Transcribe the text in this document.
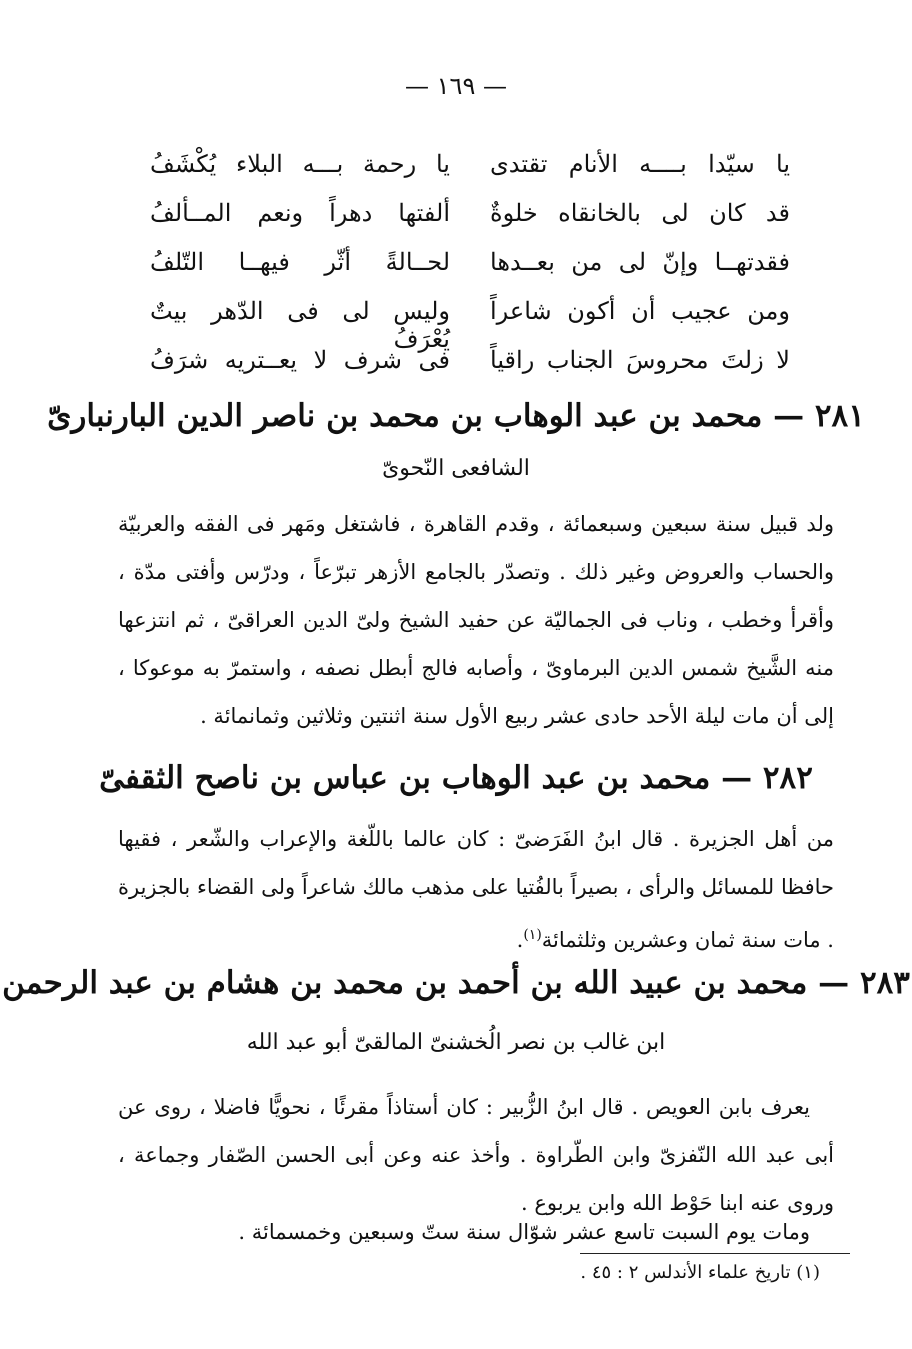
— ١٦٩ —
يا سيّدا بــــه الأنام تقتدى
يا رحمة بـــه البلاء يُكْشَفُ
قد كان لى بالخانقاه خلوةٌ
ألفتها دهراً ونعم المــألفُ
فقدتهــا وإنّ لى من بعــدها
لحــالةً أثّر فيهــا التّلفُ
ومن عجيب أن أكون شاعراً
وليس لى فى الدّهر بيتٌ يُعْرَفُ
لا زلتَ محروسَ الجناب راقياً
فى شرف لا يعــتريه شرَفُ
٢٨١ — محمد بن عبد الوهاب بن محمد بن ناصر الدين البارنبارىّ
الشافعى النّحوىّ
ولد قبيل سنة سبعين وسبعمائة ، وقدم القاهرة ، فاشتغل ومَهر فى الفقه والعربيّة والحساب والعروض وغير ذلك . وتصدّر بالجامع الأزهر تبرّعاً ، ودرّس وأفتى مدّة ، وأقرأ وخطب ، وناب فى الجماليّة عن حفيد الشيخ ولىّ الدين العراقىّ ، ثم انتزعها منه الشَّيخ شمس الدين البرماوىّ ، وأصابه فالج أبطل نصفه ، واستمرّ به موعوكا ، إلى أن مات ليلة الأحد حادى عشر ربيع الأول سنة اثنتين وثلاثين وثمانمائة .
٢٨٢ — محمد بن عبد الوهاب بن عباس بن ناصح الثقفىّ
من أهل الجزيرة . قال ابنُ الفَرَضىّ : كان عالما باللّغة والإعراب والشّعر ، فقيها حافظا للمسائل والرأى ، بصيراً بالفُتيا على مذهب مالك شاعراً ولى القضاء بالجزيرة . مات سنة ثمان وعشرين وثلثمائة$^{(١)}$.
٢٨٣ — محمد بن عبيد الله بن أحمد بن محمد بن هشام بن عبد الرحمن
ابن غالب بن نصر الُخشنىّ المالقىّ أبو عبد الله
يعرف بابن العويص . قال ابنُ الزُّبير : كان أستاذاً مقرئًا ، نحويًّا فاضلا ، روى عن أبى عبد الله النّفزىّ وابن الطّراوة . وأخذ عنه وعن أبى الحسن الصّفار وجماعة ، وروى عنه ابنا حَوْط الله وابن يربوع .
ومات يوم السبت تاسع عشر شوّال سنة ستّ وسبعين وخمسمائة .
(١) تاريخ علماء الأندلس ٢ : ٤٥ .
